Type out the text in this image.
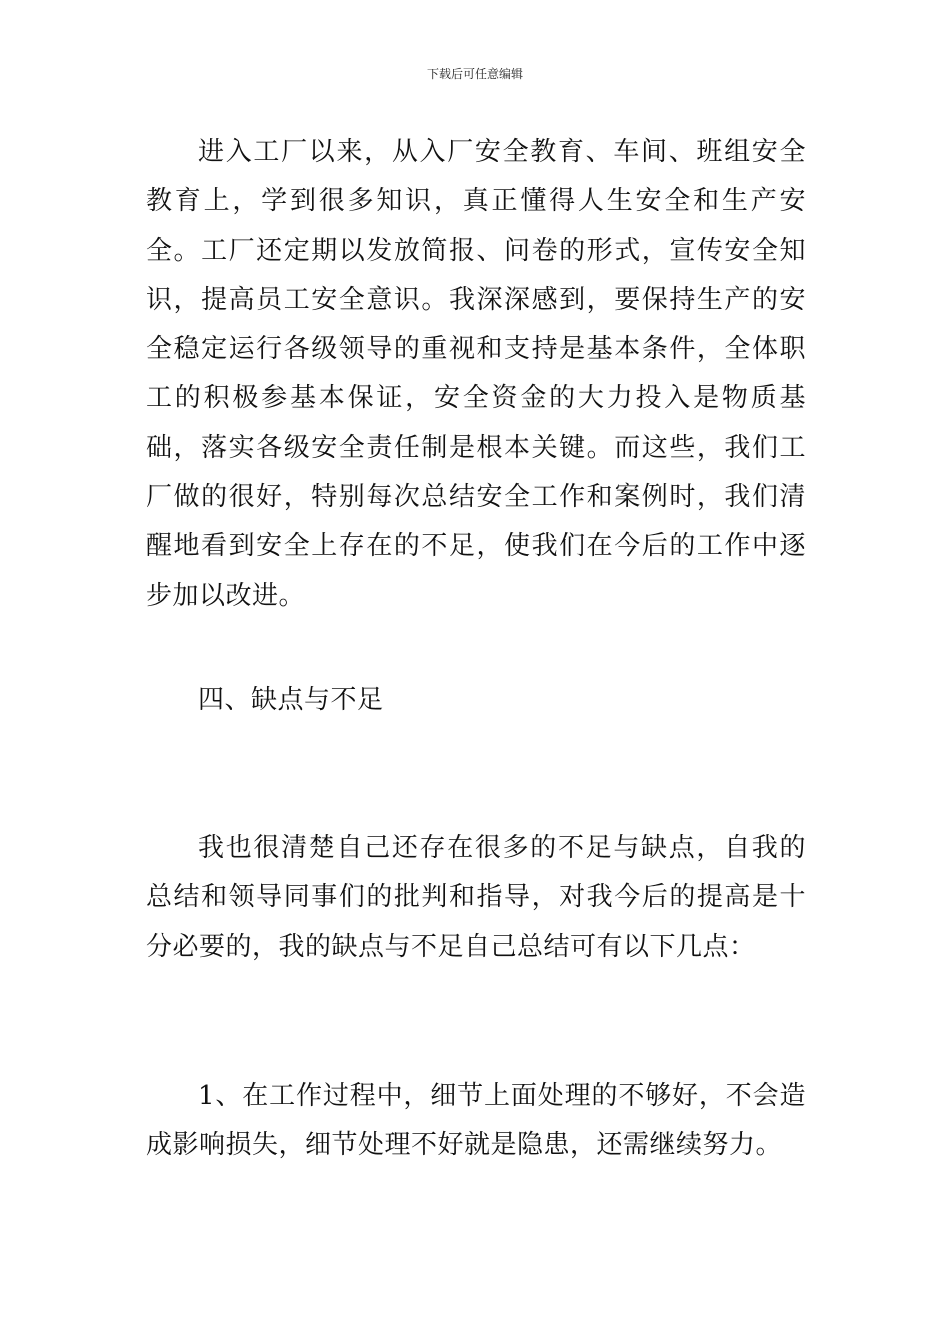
下载后可任意编辑

进入工厂以来，从入厂安全教育、车间、班组安全教育上，学到很多知识，真正懂得人生安全和生产安全。工厂还定期以发放简报、问卷的形式，宣传安全知识，提高员工安全意识。我深深感到，要保持生产的安全稳定运行各级领导的重视和支持是基本条件，全体职工的积极参基本保证，安全资金的大力投入是物质基础，落实各级安全责任制是根本关键。而这些，我们工厂做的很好，特别每次总结安全工作和案例时，我们清醒地看到安全上存在的不足，使我们在今后的工作中逐步加以改进。

四、缺点与不足

我也很清楚自己还存在很多的不足与缺点，自我的总结和领导同事们的批判和指导，对我今后的提高是十分必要的，我的缺点与不足自己总结可有以下几点：

1、在工作过程中，细节上面处理的不够好，不会造成影响损失，细节处理不好就是隐患，还需继续努力。
